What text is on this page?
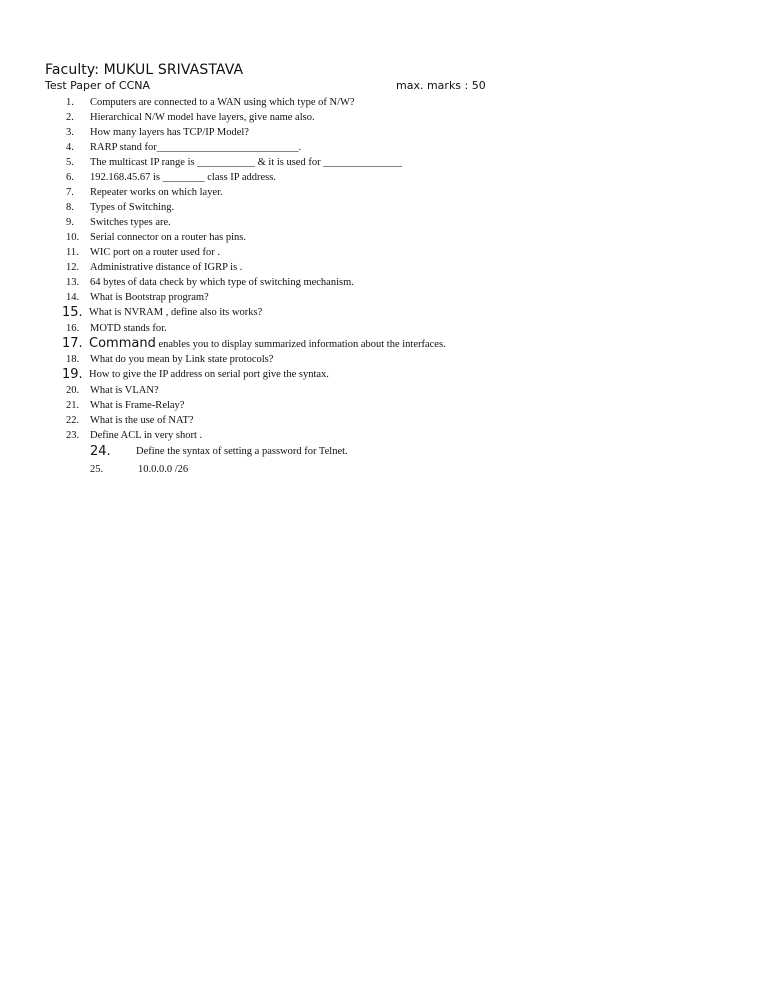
Faculty: MUKUL SRIVASTAVA
Test Paper of CCNA	max. marks : 50
1. Computers are connected to a WAN using which type of N/W?
2. Hierarchical N/W model have layers, give name also.
3. How many layers has TCP/IP Model?
4. RARP stand for___________________________.
5. The multicast IP range is ___________ & it is used for _______________
6. 192.168.45.67 is ________ class IP address.
7. Repeater works on which layer.
8. Types of Switching.
9. Switches types are.
10. Serial connector on a router has pins.
11. WIC port on a router used for .
12. Administrative distance of IGRP is .
13. 64 bytes of data check by which type of switching mechanism.
14. What is Bootstrap program?
15. What is NVRAM , define also its works?
16. MOTD stands for.
17. Command enables you to display summarized information about the interfaces.
18. What do you mean by Link state protocols?
19. How to give the IP address on serial port give the syntax.
20. What is VLAN?
21. What is Frame-Relay?
22. What is the use of NAT?
23. Define ACL in very short .
24. Define the syntax of setting a password for Telnet.
25.	10.0.0.0 /26
